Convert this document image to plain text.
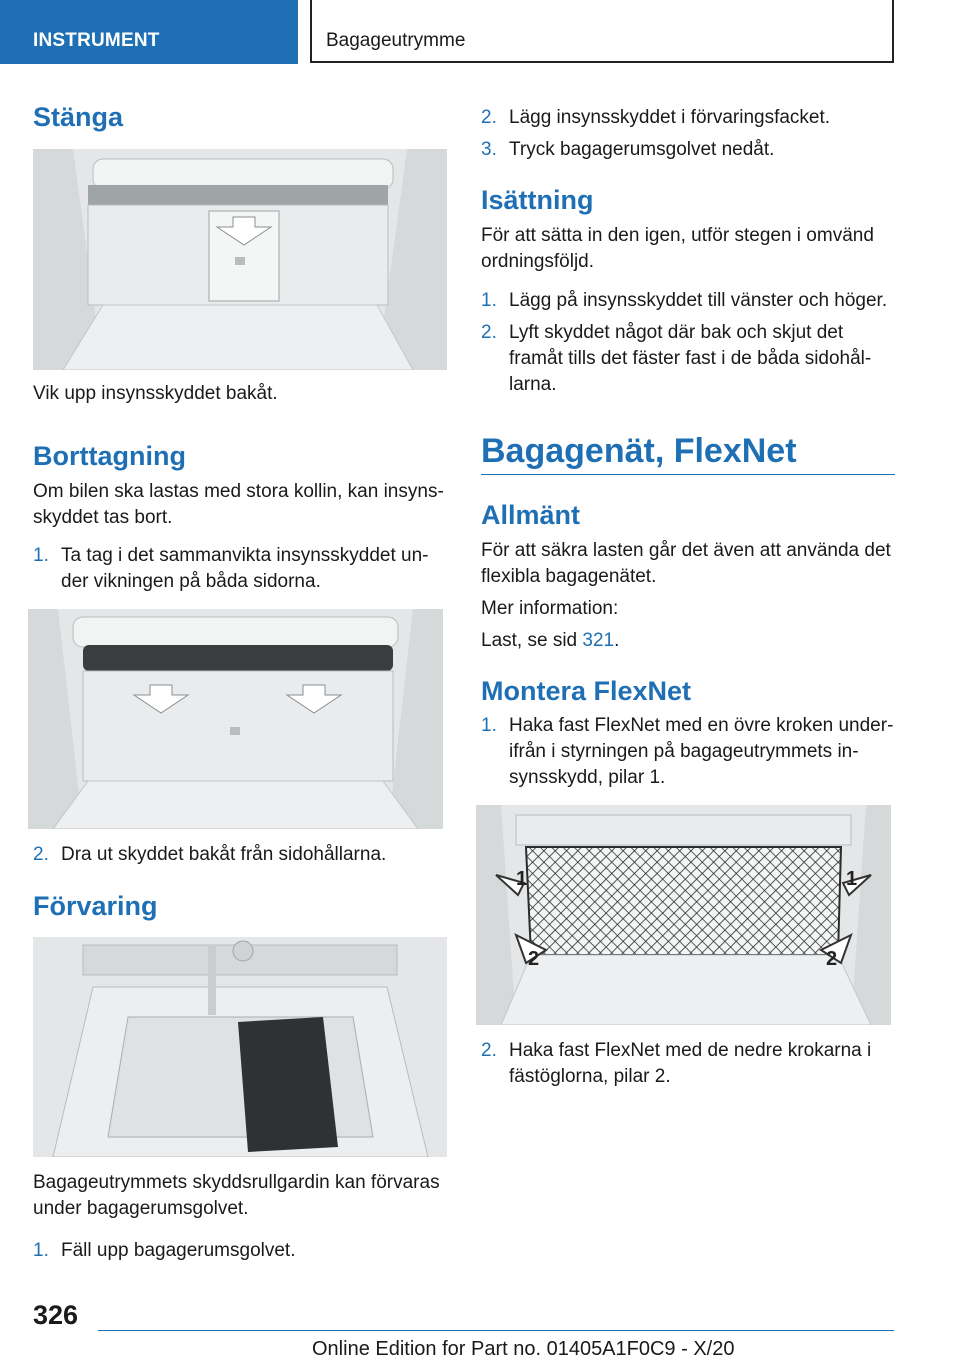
INSTRUMENT	Bagageutrymme
Stänga
Vik upp insynsskyddet bakåt.
Borttagning
Om bilen ska lastas med stora kollin, kan insyns-
skyddet tas bort.
1. Ta tag i det sammanvikta insynsskyddet un-
der vikningen på båda sidorna.
2. Dra ut skyddet bakåt från sidohållarna.
Förvaring
Bagageutrymmets skyddsrullgardin kan förvaras
under bagagerumsgolvet.
1. Fäll upp bagagerumsgolvet.
2. Lägg insynsskyddet i förvaringsfacket.
3. Tryck bagagerumsgolvet nedåt.
Isättning
För att sätta in den igen, utför stegen i omvänd
ordningsföljd.
1. Lägg på insynsskyddet till vänster och höger.
2. Lyft skyddet något där bak och skjut det
framåt tills det fäster fast i de båda sidohål-
larna.
Bagagenät, FlexNet
Allmänt
För att säkra lasten går det även att använda det
flexibla bagagenätet.
Mer information:
Last, se sid 321.
Montera FlexNet
1. Haka fast FlexNet med en övre kroken under-
ifrån i styrningen på bagageutrymmets in-
synsskydd, pilar 1.
1	1
2	2
2. Haka fast FlexNet med de nedre krokarna i
fästöglorna, pilar 2.
326
Online Edition for Part no. 01405A1F0C9 - X/20
